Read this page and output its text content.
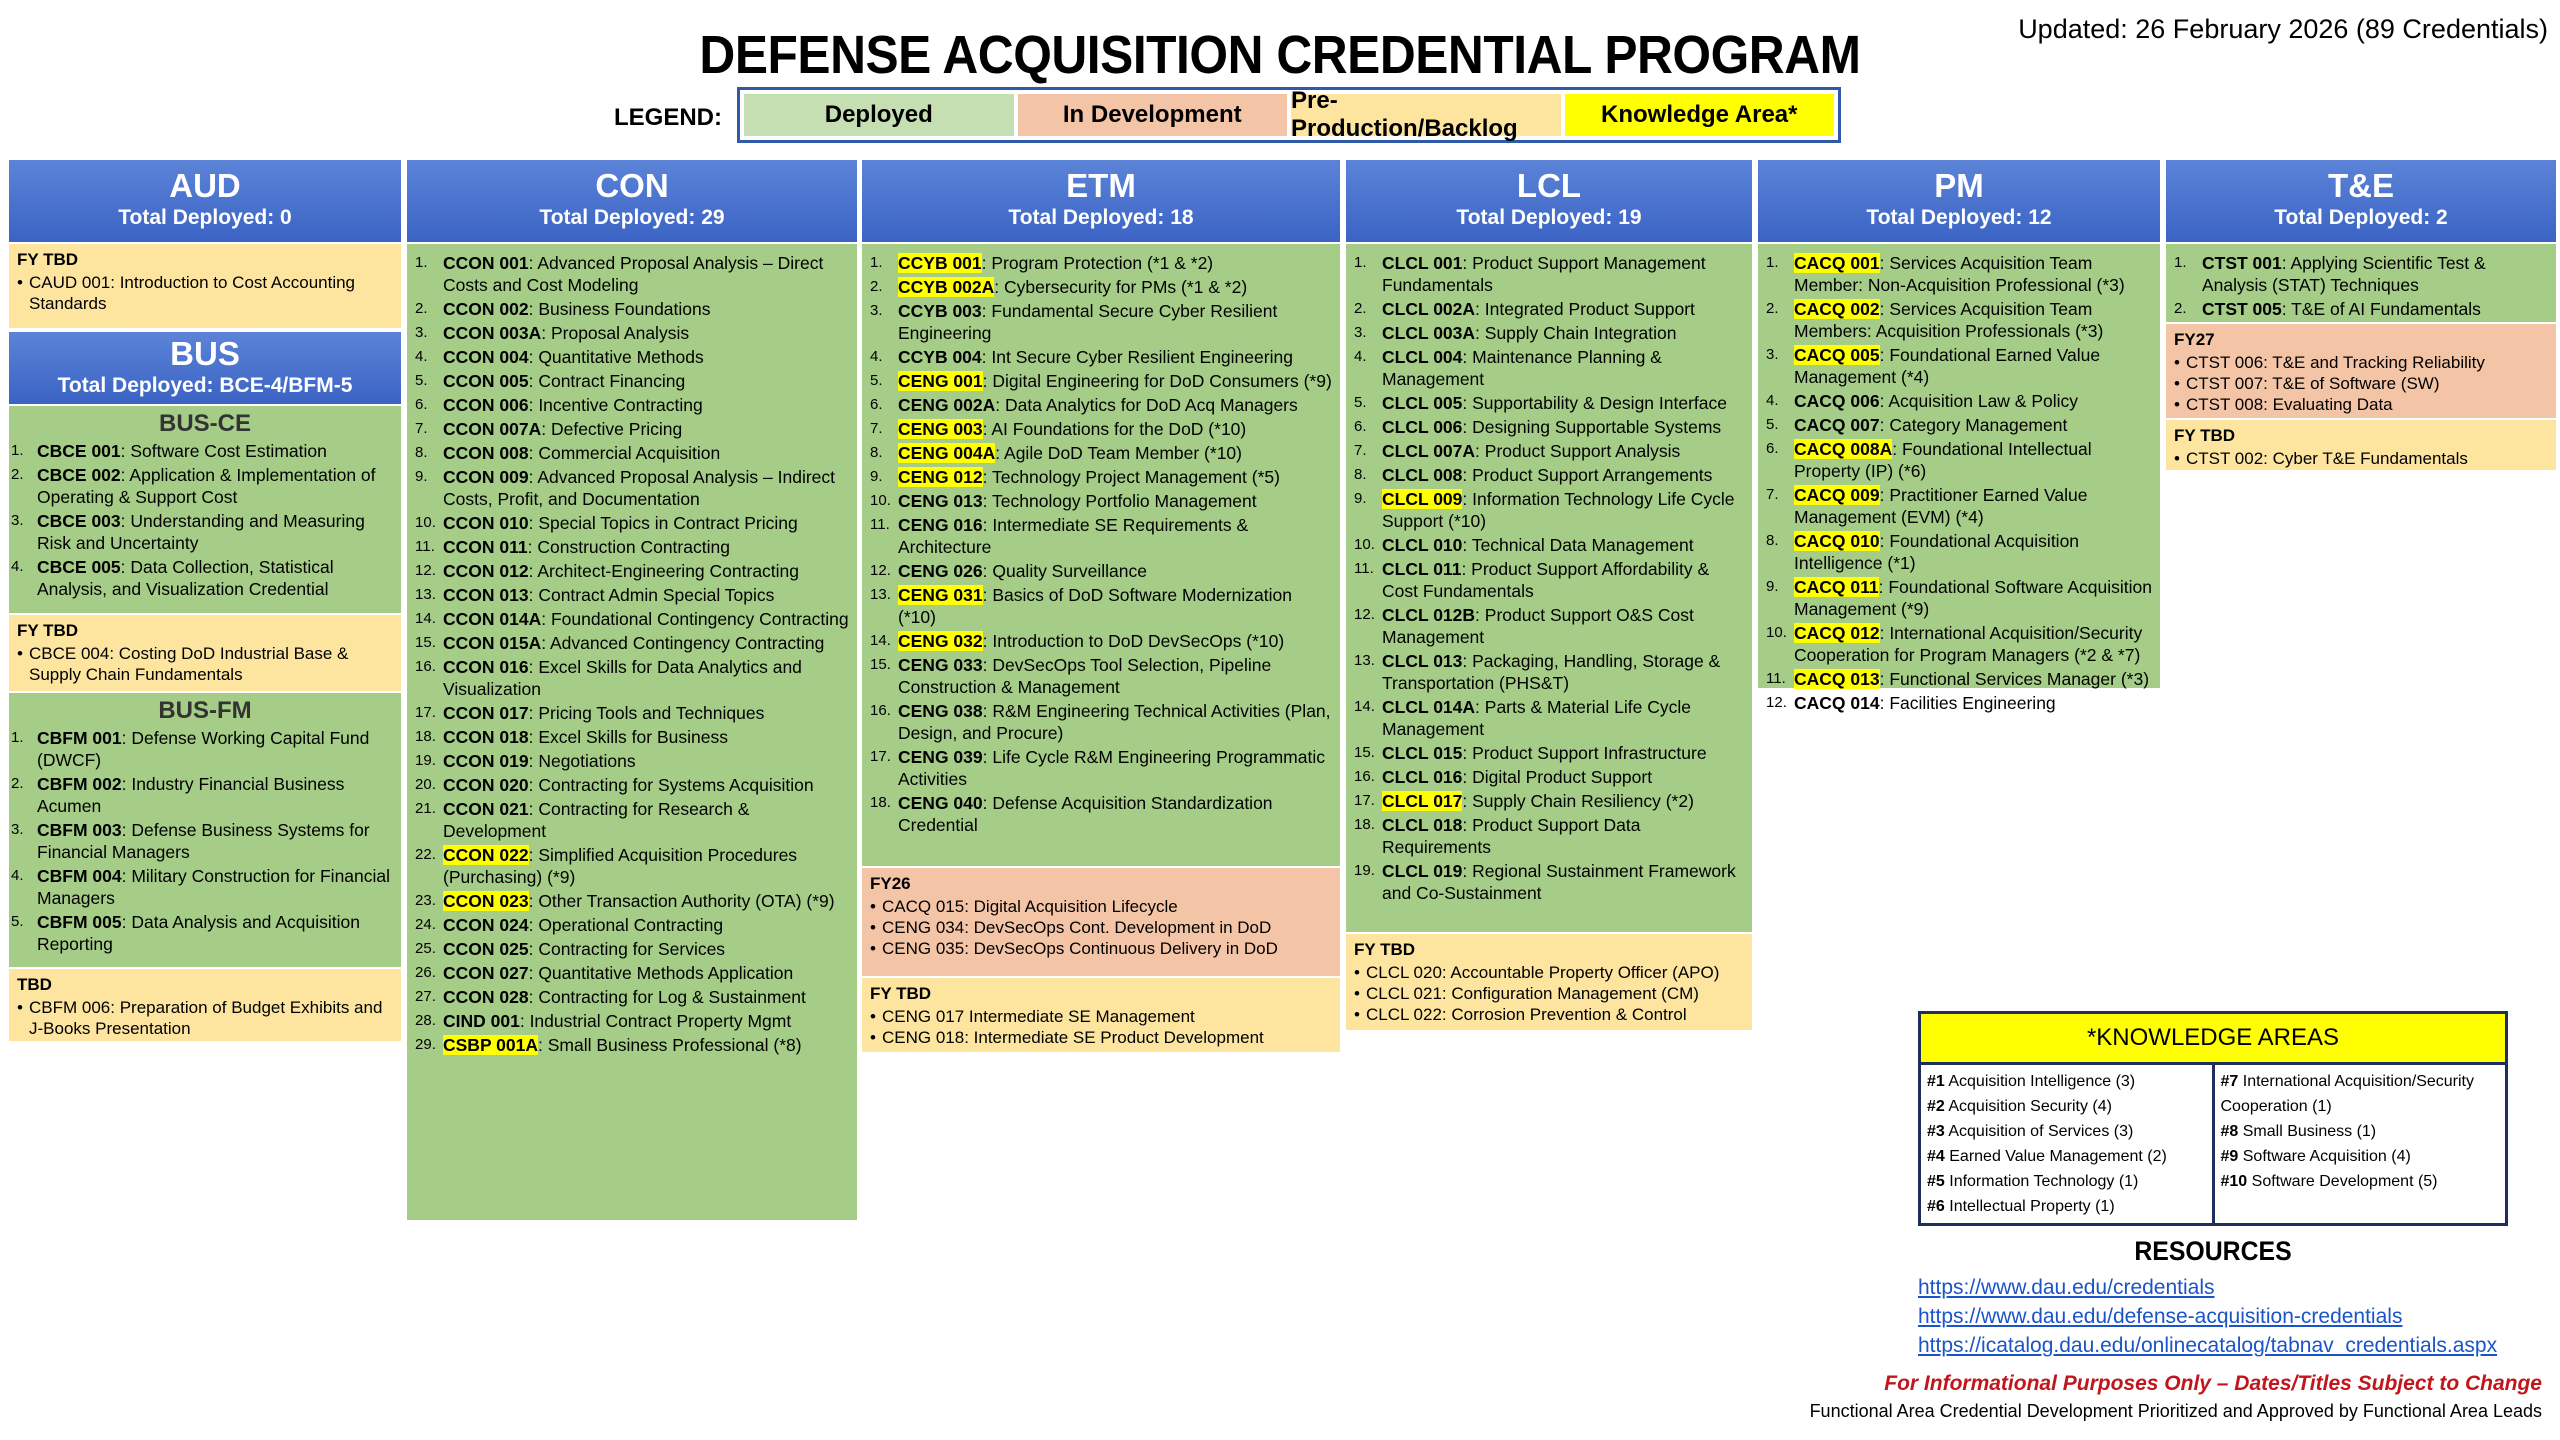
DEFENSE ACQUISITION CREDENTIAL PROGRAM	Updated: 26 February 2026 (89 Credentials)
LEGEND:	Deployed	In Development
Pre-Production/Backlog
Knowledge Area*
AUD
Total Deployed: 0
FY TBD
• CAUD 001: Introduction to Cost Accounting Standards
BUS
Total Deployed: BCE-4/BFM-5
BUS-CE
CBCE 001: Software Cost Estimation
CBCE 002: Application & Implementation of Operating & Support Cost
CBCE 003: Understanding and Measuring Risk and Uncertainty
CBCE 005: Data Collection, Statistical Analysis, and Visualization Credential
FY TBD
• CBCE 004: Costing DoD Industrial Base & Supply Chain Fundamentals
BUS-FM
CBFM 001: Defense Working Capital Fund (DWCF)
CBFM 002: Industry Financial Business Acumen
CBFM 003: Defense Business Systems for Financial Managers
CBFM 004: Military Construction for Financial Managers
CBFM 005: Data Analysis and Acquisition Reporting
TBD
• CBFM 006: Preparation of Budget Exhibits and J-Books Presentation
CON
Total Deployed: 29
CCON 001: Advanced Proposal Analysis – Direct Costs and Cost Modeling
CCON 002: Business Foundations
CCON 003A: Proposal Analysis
CCON 004: Quantitative Methods
CCON 005: Contract Financing
CCON 006: Incentive Contracting
CCON 007A: Defective Pricing
CCON 008: Commercial Acquisition
CCON 009: Advanced Proposal Analysis – Indirect Costs, Profit, and Documentation
CCON 010: Special Topics in Contract Pricing
CCON 011: Construction Contracting
CCON 012: Architect-Engineering Contracting
CCON 013: Contract Admin Special Topics
CCON 014A: Foundational Contingency Contracting
CCON 015A: Advanced Contingency Contracting
CCON 016: Excel Skills for Data Analytics and Visualization
CCON 017: Pricing Tools and Techniques
CCON 018: Excel Skills for Business
CCON 019: Negotiations
CCON 020: Contracting for Systems Acquisition
CCON 021: Contracting for Research & Development
CCON 022: Simplified Acquisition Procedures (Purchasing) (*9)
CCON 023: Other Transaction Authority (OTA) (*9)
CCON 024: Operational Contracting
CCON 025: Contracting for Services
CCON 027: Quantitative Methods Application
CCON 028: Contracting for Log & Sustainment
CIND 001: Industrial Contract Property Mgmt
CSBP 001A: Small Business Professional (*8)
ETM
Total Deployed: 18
CCYB 001: Program Protection (*1 & *2)
CCYB 002A: Cybersecurity for PMs (*1 & *2)
CCYB 003: Fundamental Secure Cyber Resilient Engineering
CCYB 004: Int Secure Cyber Resilient Engineering
CENG 001: Digital Engineering for DoD Consumers (*9)
CENG 002A: Data Analytics for DoD Acq Managers
CENG 003: AI Foundations for the DoD (*10)
CENG 004A: Agile DoD Team Member (*10)
CENG 012: Technology Project Management (*5)
CENG 013: Technology Portfolio Management
CENG 016: Intermediate SE Requirements & Architecture
CENG 026: Quality Surveillance
CENG 031: Basics of DoD Software Modernization (*10)
CENG 032: Introduction to DoD DevSecOps (*10)
CENG 033: DevSecOps Tool Selection, Pipeline Construction & Management
CENG 038: R&M Engineering Technical Activities (Plan, Design, and Procure)
CENG 039: Life Cycle R&M Engineering Programmatic Activities
CENG 040: Defense Acquisition Standardization Credential
FY26
• CACQ 015: Digital Acquisition Lifecycle
• CENG 034: DevSecOps Cont. Development in DoD
• CENG 035: DevSecOps Continuous Delivery in DoD
FY TBD
• CENG 017 Intermediate SE Management
• CENG 018: Intermediate SE Product Development
LCL
Total Deployed: 19
CLCL 001: Product Support Management Fundamentals
CLCL 002A: Integrated Product Support
CLCL 003A: Supply Chain Integration
CLCL 004: Maintenance Planning & Management
CLCL 005: Supportability & Design Interface
CLCL 006: Designing Supportable Systems
CLCL 007A: Product Support Analysis
CLCL 008: Product Support Arrangements
CLCL 009: Information Technology Life Cycle Support (*10)
CLCL 010: Technical Data Management
CLCL 011: Product Support Affordability & Cost Fundamentals
CLCL 012B: Product Support O&S Cost Management
CLCL 013: Packaging, Handling, Storage & Transportation (PHS&T)
CLCL 014A: Parts & Material Life Cycle Management
CLCL 015: Product Support Infrastructure
CLCL 016: Digital Product Support
CLCL 017: Supply Chain Resiliency (*2)
CLCL 018: Product Support Data Requirements
CLCL 019: Regional Sustainment Framework and Co-Sustainment
FY TBD
• CLCL 020: Accountable Property Officer (APO)
• CLCL 021: Configuration Management (CM)
• CLCL 022: Corrosion Prevention & Control
PM
Total Deployed: 12
CACQ 001: Services Acquisition Team Member: Non-Acquisition Professional (*3)
CACQ 002: Services Acquisition Team Members: Acquisition Professionals (*3)
CACQ 005: Foundational Earned Value Management (*4)
CACQ 006: Acquisition Law & Policy
CACQ 007: Category Management
CACQ 008A: Foundational Intellectual Property (IP) (*6)
CACQ 009: Practitioner Earned Value Management (EVM) (*4)
CACQ 010: Foundational Acquisition Intelligence (*1)
CACQ 011: Foundational Software Acquisition Management (*9)
CACQ 012: International Acquisition/Security Cooperation for Program Managers (*2 & *7)
CACQ 013: Functional Services Manager (*3)
CACQ 014: Facilities Engineering
T&E
Total Deployed: 2
CTST 001: Applying Scientific Test & Analysis (STAT) Techniques
CTST 005: T&E of AI Fundamentals
FY27
• CTST 006: T&E and Tracking Reliability
• CTST 007: T&E of Software (SW)
• CTST 008: Evaluating Data
FY TBD
• CTST 002: Cyber T&E Fundamentals
*KNOWLEDGE AREAS
#1 Acquisition Intelligence (3)
#2 Acquisition Security (4)
#3 Acquisition of Services (3)
#4 Earned Value Management (2)
#5 Information Technology (1)
#6 Intellectual Property (1)
#7 International Acquisition/Security Cooperation (1)
#8 Small Business (1)
#9 Software Acquisition (4)
#10 Software Development (5)
RESOURCES
https://www.dau.edu/credentials
https://www.dau.edu/defense-acquisition-credentials
https://icatalog.dau.edu/onlinecatalog/tabnav_credentials.aspx
For Informational Purposes Only – Dates/Titles Subject to Change
Functional Area Credential Development Prioritized and Approved by Functional Area Leads
